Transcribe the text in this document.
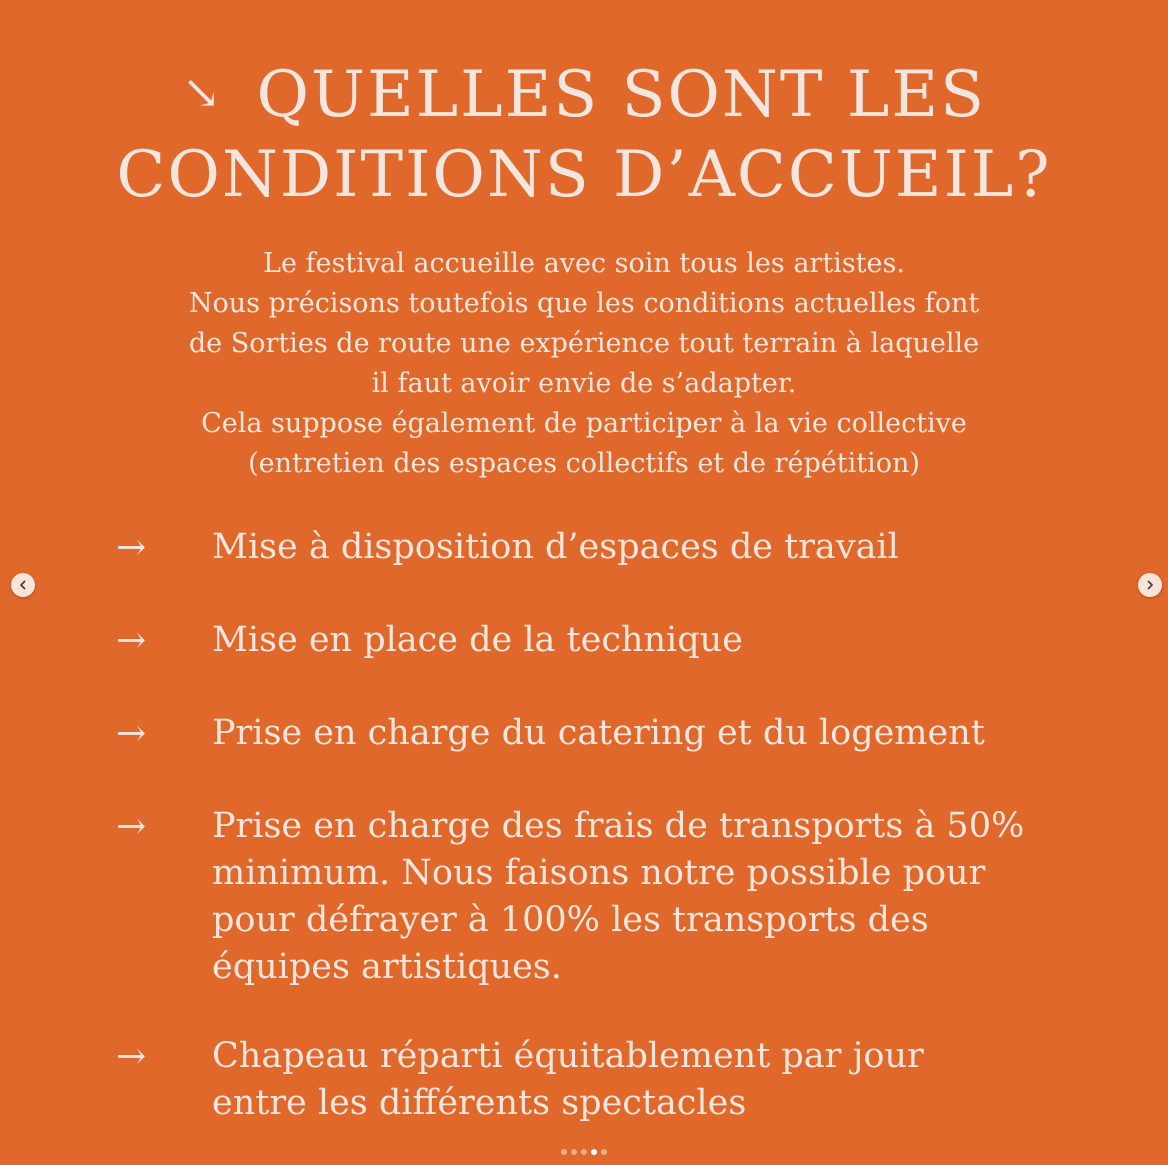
↘ QUELLES SONT LES
CONDITIONS D’ACCUEIL?
Le festival accueille avec soin tous les artistes.
Nous précisons toutefois que les conditions actuelles font
de Sorties de route une expérience tout terrain à laquelle
il faut avoir envie de s’adapter.
Cela suppose également de participer à la vie collective
(entretien des espaces collectifs et de répétition)
→ Mise à disposition d’espaces de travail
→ Mise en place de la technique
→ Prise en charge du catering et du logement
→ Prise en charge des frais de transports à 50%
minimum. Nous faisons notre possible pour
pour défrayer à 100% les transports des
équipes artistiques.
→ Chapeau réparti équitablement par jour
entre les différents spectacles
